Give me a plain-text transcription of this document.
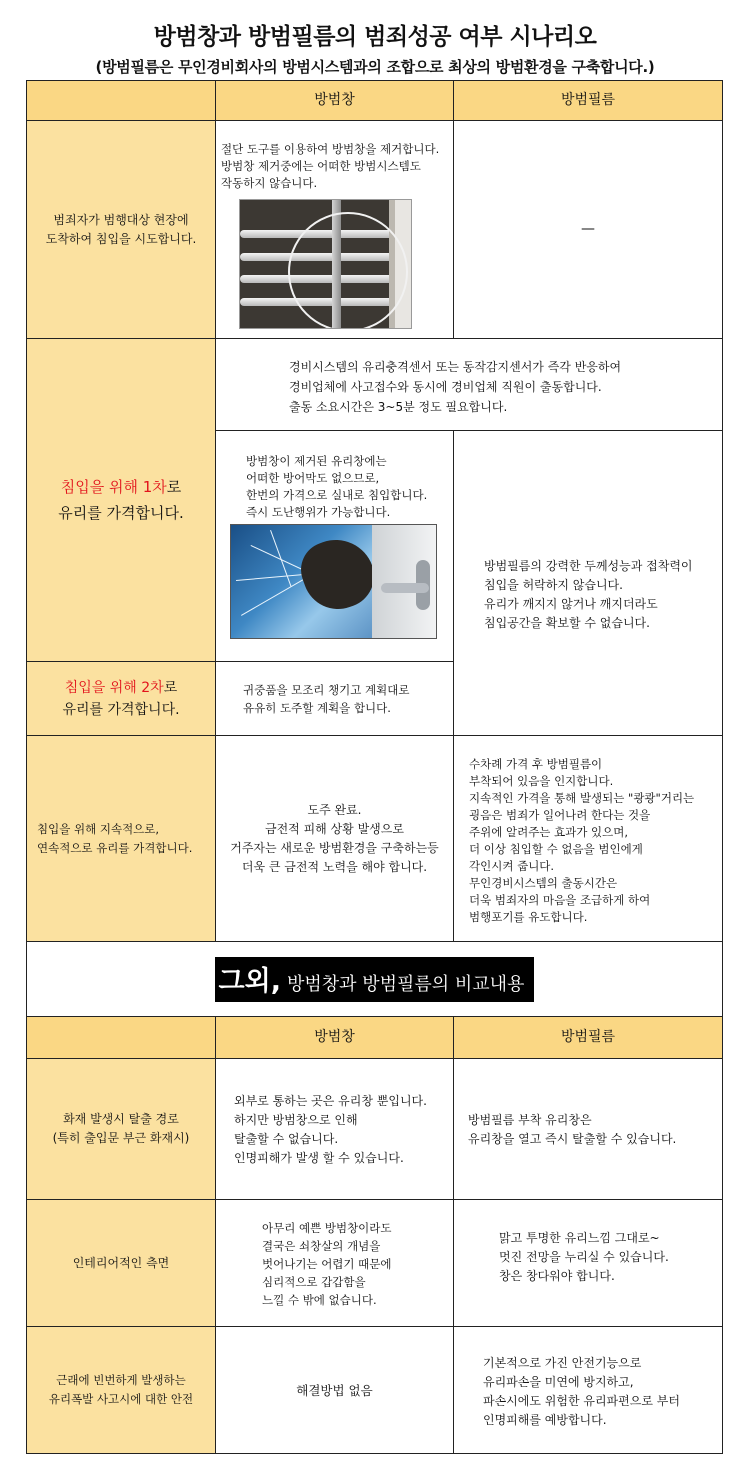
방범창과 방범필름의 범죄성공 여부 시나리오
(방범필름은 무인경비회사의 방범시스템과의 조합으로 최상의 방범환경을 구축합니다.)
방범창	방범필름
범죄자가 범행대상 현장에
도착하여 침입을 시도합니다.
절단 도구를 이용하여 방범창을 제거합니다.
방범창 제거중에는 어떠한 방범시스템도
작동하지 않습니다.
—
침입을 위해 1차로
유리를 가격합니다.
경비시스템의 유리충격센서 또는 동작감지센서가 즉각 반응하여
경비업체에 사고접수와 동시에 경비업체 직원이 출동합니다.
출동 소요시간은 3~5분 정도 필요합니다.
방범창이 제거된 유리창에는
어떠한 방어막도 없으므로,
한번의 가격으로 실내로 침입합니다.
즉시 도난행위가 가능합니다.
방범필름의 강력한 두께성능과 접착력이
침입을 허락하지 않습니다.
유리가 깨지지 않거나 깨지더라도
침입공간을 확보할 수 없습니다.
침입을 위해 2차로
유리를 가격합니다.
귀중품을 모조리 챙기고 계획대로
유유히 도주할 계획을 합니다.
침입을 위해 지속적으로,
연속적으로 유리를 가격합니다.
도주 완료.
금전적 피해 상황 발생으로
거주자는 새로운 방범환경을 구축하는등
더욱 큰 금전적 노력을 해야 합니다.
수차례 가격 후 방범필름이
부착되어 있음을 인지합니다.
지속적인 가격을 통해 발생되는 "쾅쾅"거리는
굉음은 범죄가 일어나려 한다는 것을
주위에 알려주는 효과가 있으며,
더 이상 침입할 수 없음을 범인에게
각인시켜 줍니다.
무인경비시스템의 출동시간은
더욱 범죄자의 마음을 조급하게 하여
범행포기를 유도합니다.
그외, 방범창과 방범필름의 비교내용
방범창	방범필름
화재 발생시 탈출 경로
(특히 출입문 부근 화재시)
외부로 통하는 곳은 유리창 뿐입니다.
하지만 방범창으로 인해
탈출할 수 없습니다.
인명피해가 발생 할 수 있습니다.
방범필름 부착 유리창은
유리창을 열고 즉시 탈출할 수 있습니다.
인테리어적인 측면
아무리 예쁜 방범창이라도
결국은 쇠창살의 개념을
벗어나기는 어렵기 때문에
심리적으로 갑갑함을
느낄 수 밖에 없습니다.
맑고 투명한 유리느낌 그대로~
멋진 전망을 누리실 수 있습니다.
창은 창다워야 합니다.
근래에 빈번하게 발생하는
유리폭발 사고시에 대한 안전
해결방법 없음
기본적으로 가진 안전기능으로
유리파손을 미연에 방지하고,
파손시에도 위험한 유리파편으로 부터
인명피해를 예방합니다.
